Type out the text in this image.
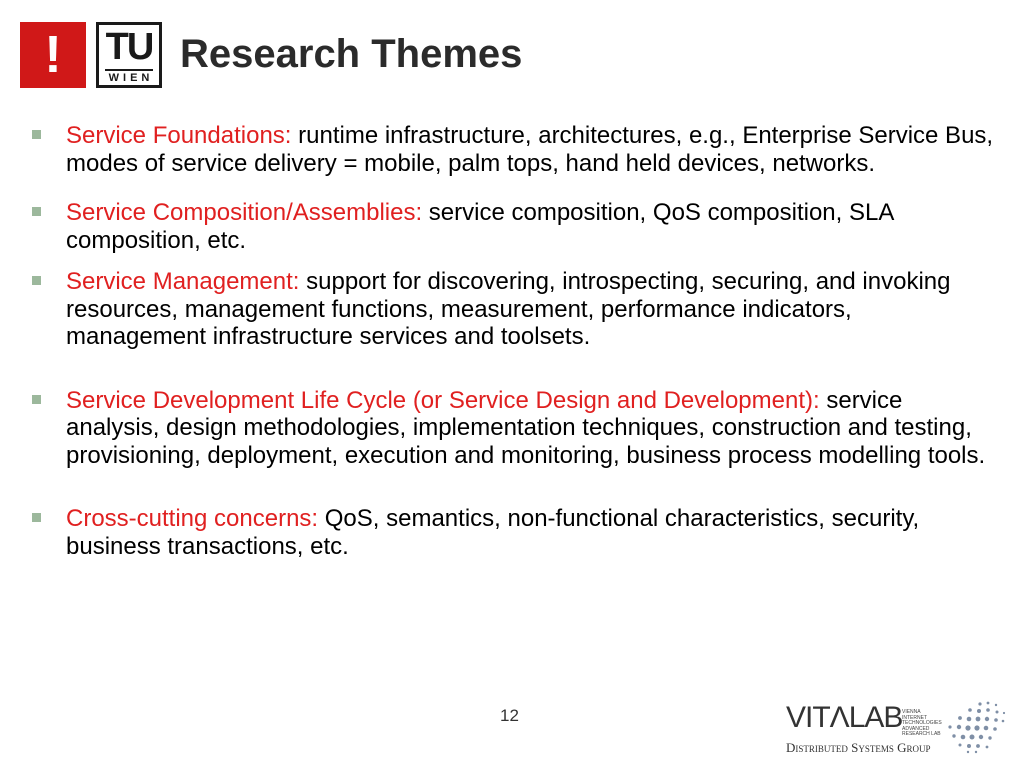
!	TU
WIEN
Research Themes
Service Foundations: runtime infrastructure, architectures, e.g., Enterprise Service Bus, modes of service delivery = mobile, palm tops, hand held devices, networks.
Service Composition/Assemblies: service composition, QoS composition, SLA composition, etc.
Service Management: support for discovering, introspecting, securing, and invoking resources, management functions, measurement, performance indicators, management infrastructure services and toolsets.
Service Development Life Cycle (or Service Design and Development): service analysis, design methodologies, implementation techniques, construction and testing, provisioning, deployment, execution and monitoring, business process modelling tools.
Cross-cutting concerns: QoS, semantics, non-functional characteristics, security, business transactions, etc.
12	VITΛLAB VIENNA INTERNET TECHNOLOGIES ADVANCED RESEARCH LAB
Distributed Systems Group
